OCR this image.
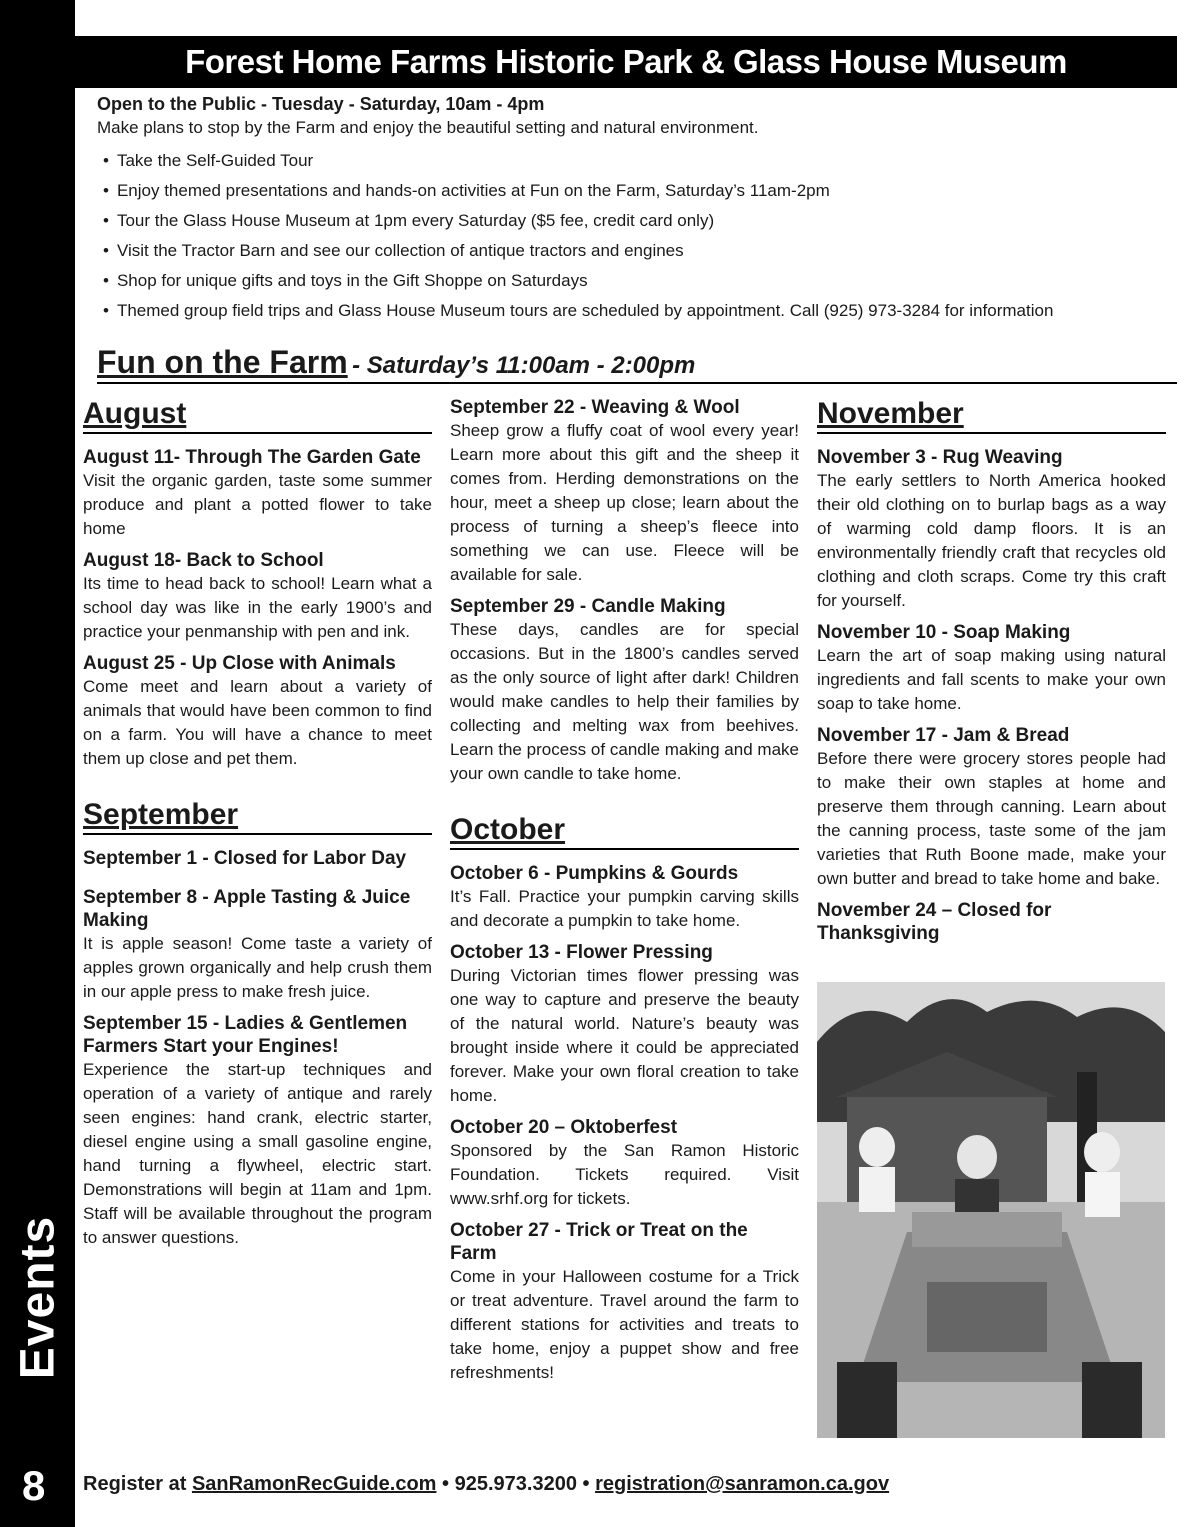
Events
8
Forest Home Farms Historic Park & Glass House Museum
Open to the Public - Tuesday - Saturday, 10am - 4pm
Make plans to stop by the Farm and enjoy the beautiful setting and natural environment.
• Take the Self-Guided Tour
• Enjoy themed presentations and hands-on activities at Fun on the Farm, Saturday’s 11am-2pm
• Tour the Glass House Museum at 1pm every Saturday ($5 fee, credit card only)
• Visit the Tractor Barn and see our collection of antique tractors and engines
• Shop for unique gifts and toys in the Gift Shoppe on Saturdays
• Themed group field trips and Glass House Museum tours are scheduled by appointment. Call (925) 973-3284 for information
Fun on the Farm - Saturday’s 11:00am - 2:00pm
August
August 11- Through The Garden Gate
Visit the organic garden, taste some summer produce and plant a potted flower to take home
August 18- Back to School
Its time to head back to school! Learn what a school day was like in the early 1900’s and practice your penmanship with pen and ink.
August 25 - Up Close with Animals
Come meet and learn about a variety of animals that would have been common to find on a farm. You will have a chance to meet them up close and pet them.
September
September 1 - Closed for Labor Day
September 8 - Apple Tasting & Juice Making
It is apple season! Come taste a variety of apples grown organically and help crush them in our apple press to make fresh juice.
September 15 - Ladies & Gentlemen Farmers Start your Engines!
Experience the start-up techniques and operation of a variety of antique and rarely seen engines: hand crank, electric starter, diesel engine using a small gasoline engine, hand turning a flywheel, electric start. Demonstrations will begin at 11am and 1pm. Staff will be available throughout the program to answer questions.
September 22 - Weaving & Wool
Sheep grow a fluffy coat of wool every year! Learn more about this gift and the sheep it comes from. Herding demonstrations on the hour, meet a sheep up close; learn about the process of turning a sheep’s fleece into something we can use. Fleece will be available for sale.
September 29 - Candle Making
These days, candles are for special occasions. But in the 1800’s candles served as the only source of light after dark! Children would make candles to help their families by collecting and melting wax from beehives. Learn the process of candle making and make your own candle to take home.
October
October 6 - Pumpkins & Gourds
It’s Fall. Practice your pumpkin carving skills and decorate a pumpkin to take home.
October 13 - Flower Pressing
During Victorian times flower pressing was one way to capture and preserve the beauty of the natural world. Nature’s beauty was brought inside where it could be appreciated forever. Make your own floral creation to take home.
October 20 – Oktoberfest
Sponsored by the San Ramon Historic Foundation. Tickets required. Visit www.srhf.org for tickets.
October 27 - Trick or Treat on the Farm
Come in your Halloween costume for a Trick or treat adventure. Travel around the farm to different stations for activities and treats to take home, enjoy a puppet show and free refreshments!
November
November 3 - Rug Weaving
The early settlers to North America hooked their old clothing on to burlap bags as a way of warming cold damp floors. It is an environmentally friendly craft that recycles old clothing and cloth scraps. Come try this craft for yourself.
November 10 - Soap Making
Learn the art of soap making using natural ingredients and fall scents to make your own soap to take home.
November 17 - Jam & Bread
Before there were grocery stores people had to make their own staples at home and preserve them through canning. Learn about the canning process, taste some of the jam varieties that Ruth Boone made, make your own butter and bread to take home and bake.
November 24 – Closed for Thanksgiving
Register at SanRamonRecGuide.com • 925.973.3200 • registration@sanramon.ca.gov
